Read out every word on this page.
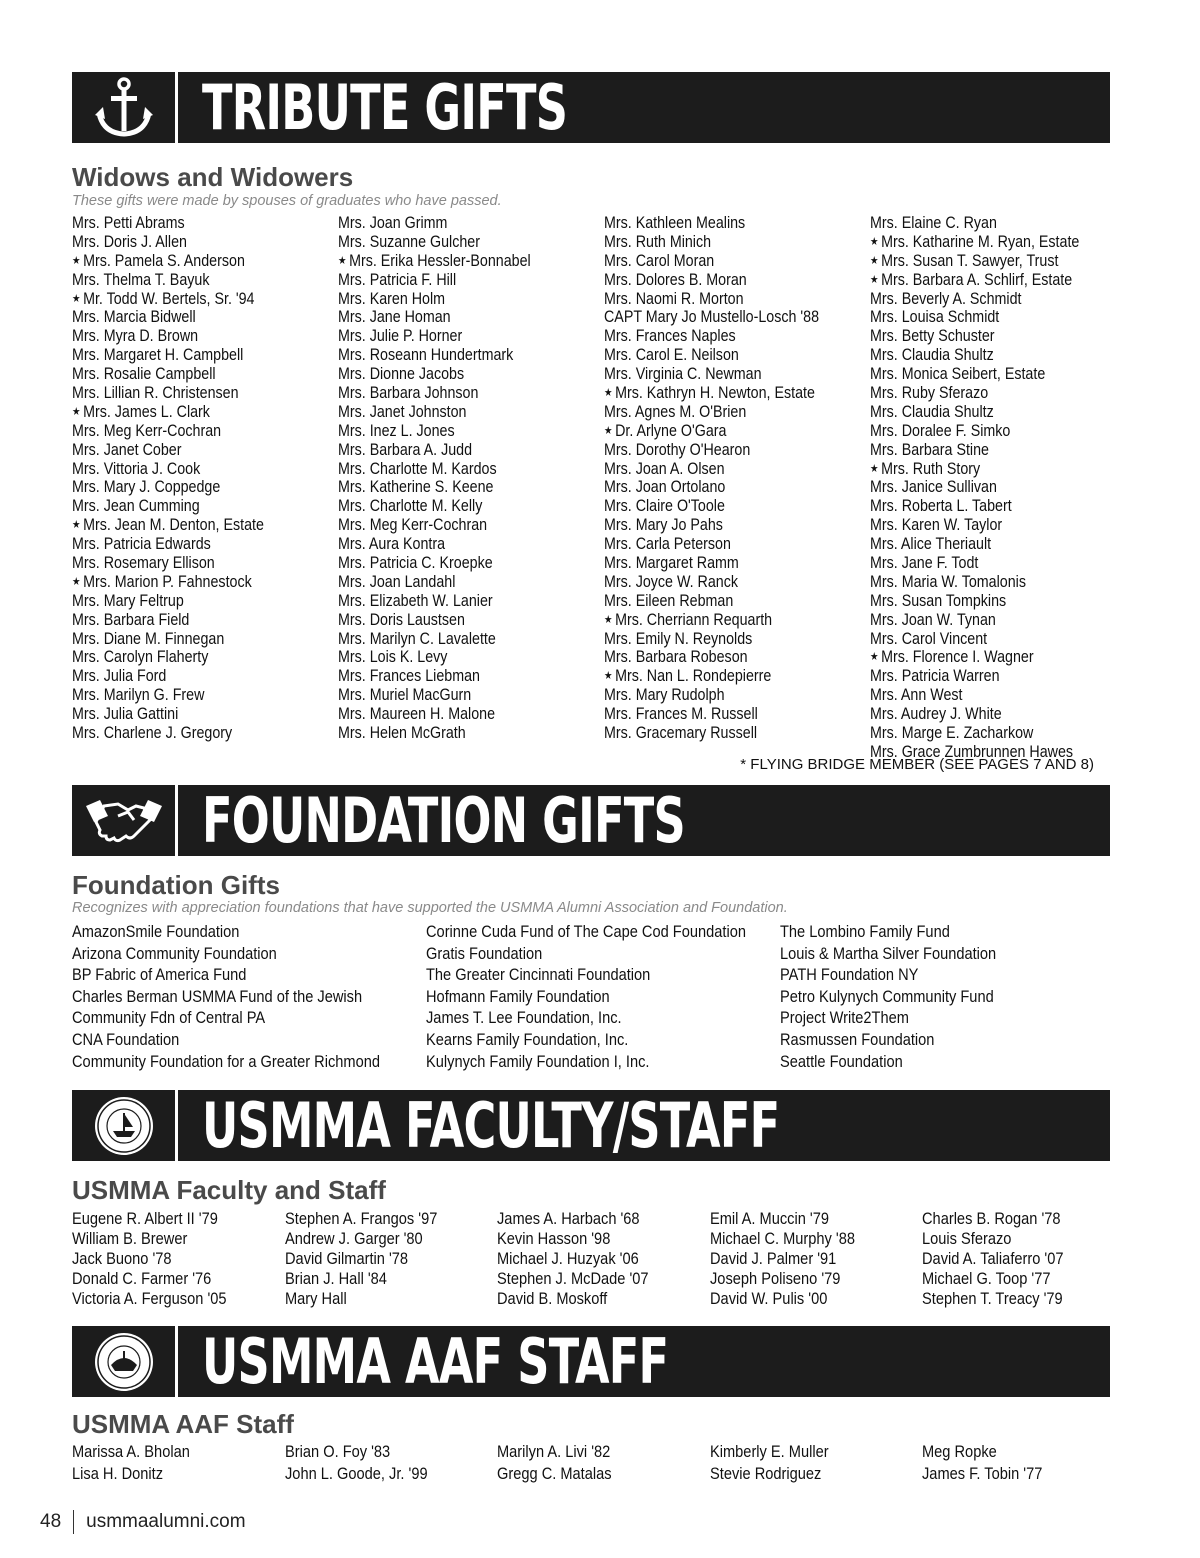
TRIBUTE GIFTS
Widows and Widowers
These gifts were made by spouses of graduates who have passed.
Mrs. Petti Abrams
Mrs. Doris J. Allen
★ Mrs. Pamela S. Anderson
Mrs. Thelma T. Bayuk
★ Mr. Todd W. Bertels, Sr. '94
Mrs. Marcia Bidwell
Mrs. Myra D. Brown
Mrs. Margaret H. Campbell
Mrs. Rosalie Campbell
Mrs. Lillian R. Christensen
★ Mrs. James L. Clark
Mrs. Meg Kerr-Cochran
Mrs. Janet Cober
Mrs. Vittoria J. Cook
Mrs. Mary J. Coppedge
Mrs. Jean Cumming
★ Mrs. Jean M. Denton, Estate
Mrs. Patricia Edwards
Mrs. Rosemary Ellison
★ Mrs. Marion P. Fahnestock
Mrs. Mary Feltrup
Mrs. Barbara Field
Mrs. Diane M. Finnegan
Mrs. Carolyn Flaherty
Mrs. Julia Ford
Mrs. Marilyn G. Frew
Mrs. Julia Gattini
Mrs. Charlene J. Gregory
Mrs. Joan Grimm
Mrs. Suzanne Gulcher
★ Mrs. Erika Hessler-Bonnabel
Mrs. Patricia F. Hill
Mrs. Karen Holm
Mrs. Jane Homan
Mrs. Julie P. Horner
Mrs. Roseann Hundertmark
Mrs. Dionne Jacobs
Mrs. Barbara Johnson
Mrs. Janet Johnston
Mrs. Inez L. Jones
Mrs. Barbara A. Judd
Mrs. Charlotte M. Kardos
Mrs. Katherine S. Keene
Mrs. Charlotte M. Kelly
Mrs. Meg Kerr-Cochran
Mrs. Aura Kontra
Mrs. Patricia C. Kroepke
Mrs. Joan Landahl
Mrs. Elizabeth W. Lanier
Mrs. Doris Laustsen
Mrs. Marilyn C. Lavalette
Mrs. Lois K. Levy
Mrs. Frances Liebman
Mrs. Muriel MacGurn
Mrs. Maureen H. Malone
Mrs. Helen McGrath
Mrs. Kathleen Mealins
Mrs. Ruth Minich
Mrs. Carol Moran
Mrs. Dolores B. Moran
Mrs. Naomi R. Morton
CAPT Mary Jo Mustello-Losch '88
Mrs. Frances Naples
Mrs. Carol E. Neilson
Mrs. Virginia C. Newman
★ Mrs. Kathryn H. Newton, Estate
Mrs. Agnes M. O'Brien
★ Dr. Arlyne O'Gara
Mrs. Dorothy O'Hearon
Mrs. Joan A. Olsen
Mrs. Joan Ortolano
Mrs. Claire O'Toole
Mrs. Mary Jo Pahs
Mrs. Carla Peterson
Mrs. Margaret Ramm
Mrs. Joyce W. Ranck
Mrs. Eileen Rebman
★ Mrs. Cherriann Requarth
Mrs. Emily N. Reynolds
Mrs. Barbara Robeson
★ Mrs. Nan L. Rondepierre
Mrs. Mary Rudolph
Mrs. Frances M. Russell
Mrs. Gracemary Russell
Mrs. Elaine C. Ryan
★ Mrs. Katharine M. Ryan, Estate
★ Mrs. Susan T. Sawyer, Trust
★ Mrs. Barbara A. Schlirf, Estate
Mrs. Beverly A. Schmidt
Mrs. Louisa Schmidt
Mrs. Betty Schuster
Mrs. Claudia Shultz
Mrs. Monica Seibert, Estate
Mrs. Ruby Sferazo
Mrs. Claudia Shultz
Mrs. Doralee F. Simko
Mrs. Barbara Stine
★ Mrs. Ruth Story
Mrs. Janice Sullivan
Mrs. Roberta L. Tabert
Mrs. Karen W. Taylor
Mrs. Alice Theriault
Mrs. Jane F. Todt
Mrs. Maria W. Tomalonis
Mrs. Susan Tompkins
Mrs. Joan W. Tynan
Mrs. Carol Vincent
★ Mrs. Florence I. Wagner
Mrs. Patricia Warren
Mrs. Ann West
Mrs. Audrey J. White
Mrs. Marge E. Zacharkow
Mrs. Grace Zumbrunnen Hawes
* FLYING BRIDGE MEMBER (SEE PAGES 7 AND 8)
FOUNDATION GIFTS
Foundation Gifts
Recognizes with appreciation foundations that have supported the USMMA Alumni Association and Foundation.
AmazonSmile Foundation
Arizona Community Foundation
BP Fabric of America Fund
Charles Berman USMMA Fund of the Jewish
Community Fdn of Central PA
CNA Foundation
Community Foundation for a Greater Richmond
Corinne Cuda Fund of The Cape Cod Foundation
Gratis Foundation
The Greater Cincinnati Foundation
Hofmann Family Foundation
James T. Lee Foundation, Inc.
Kearns Family Foundation, Inc.
Kulynych Family Foundation I, Inc.
The Lombino Family Fund
Louis & Martha Silver Foundation
PATH Foundation NY
Petro Kulynych Community Fund
Project Write2Them
Rasmussen Foundation
Seattle Foundation
USMMA FACULTY/STAFF
USMMA Faculty and Staff
Eugene R. Albert II '79
William B. Brewer
Jack Buono '78
Donald C. Farmer '76
Victoria A. Ferguson '05
Stephen A. Frangos '97
Andrew J. Garger '80
David Gilmartin '78
Brian J. Hall '84
Mary Hall
James A. Harbach '68
Kevin Hasson '98
Michael J. Huzyak '06
Stephen J. McDade '07
David B. Moskoff
Emil A. Muccin '79
Michael C. Murphy '88
David J. Palmer '91
Joseph Poliseno '79
David W. Pulis '00
Charles B. Rogan '78
Louis Sferazo
David A. Taliaferro '07
Michael G. Toop '77
Stephen T. Treacy '79
USMMA AAF STAFF
USMMA AAF Staff
Marissa A. Bholan
Lisa H. Donitz
Brian O. Foy '83
John L. Goode, Jr. '99
Marilyn A. Livi '82
Gregg C. Matalas
Kimberly E. Muller
Stevie Rodriguez
Meg Ropke
James F. Tobin '77
48 usmmaalumni.com
